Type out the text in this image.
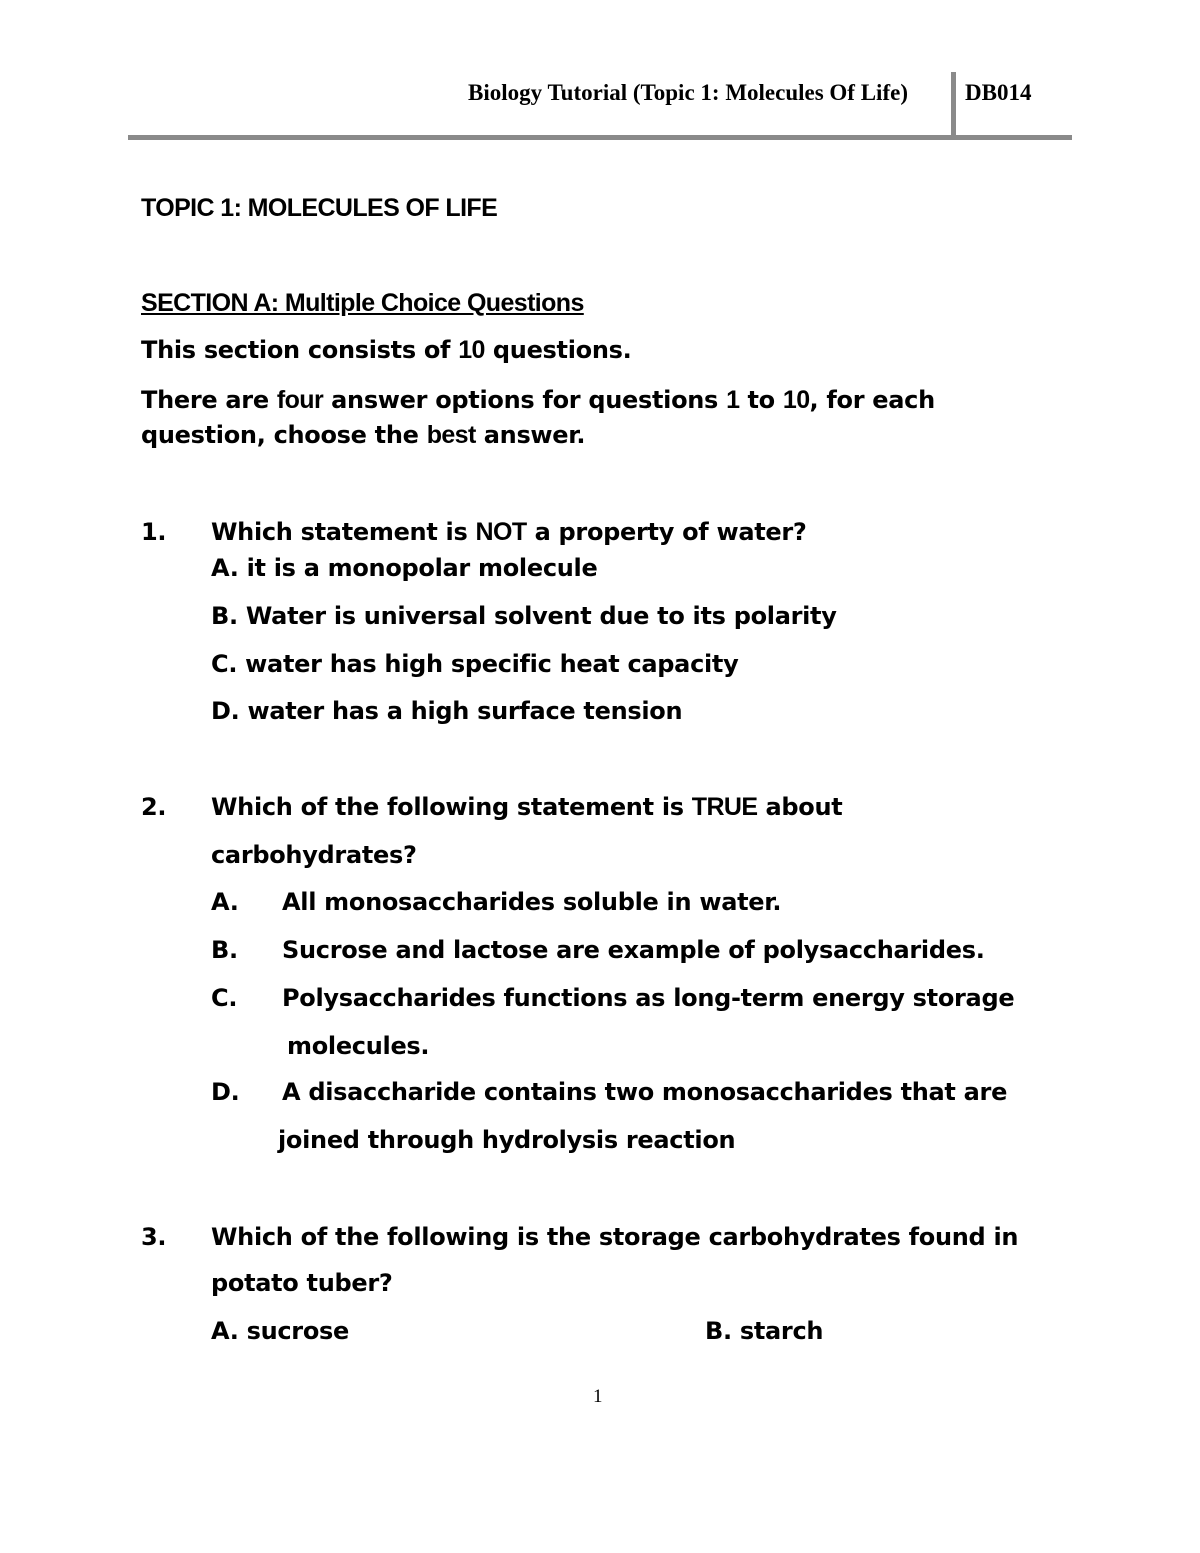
Biology Tutorial (Topic 1: Molecules Of Life) DB014
TOPIC 1: MOLECULES OF LIFE
SECTION A: Multiple Choice Questions
This section consists of 10 questions.
There are four answer options for questions 1 to 10, for each
question, choose the best answer.
1. Which statement is NOT a property of water?
A. it is a monopolar molecule
B. Water is universal solvent due to its polarity
C. water has high specific heat capacity
D. water has a high surface tension
2. Which of the following statement is TRUE about
carbohydrates?
A. All monosaccharides soluble in water.
B. Sucrose and lactose are example of polysaccharides.
C. Polysaccharides functions as long-term energy storage
molecules.
D. A disaccharide contains two monosaccharides that are
joined through hydrolysis reaction
3. Which of the following is the storage carbohydrates found in
potato tuber?
A. sucrose	B. starch
1
